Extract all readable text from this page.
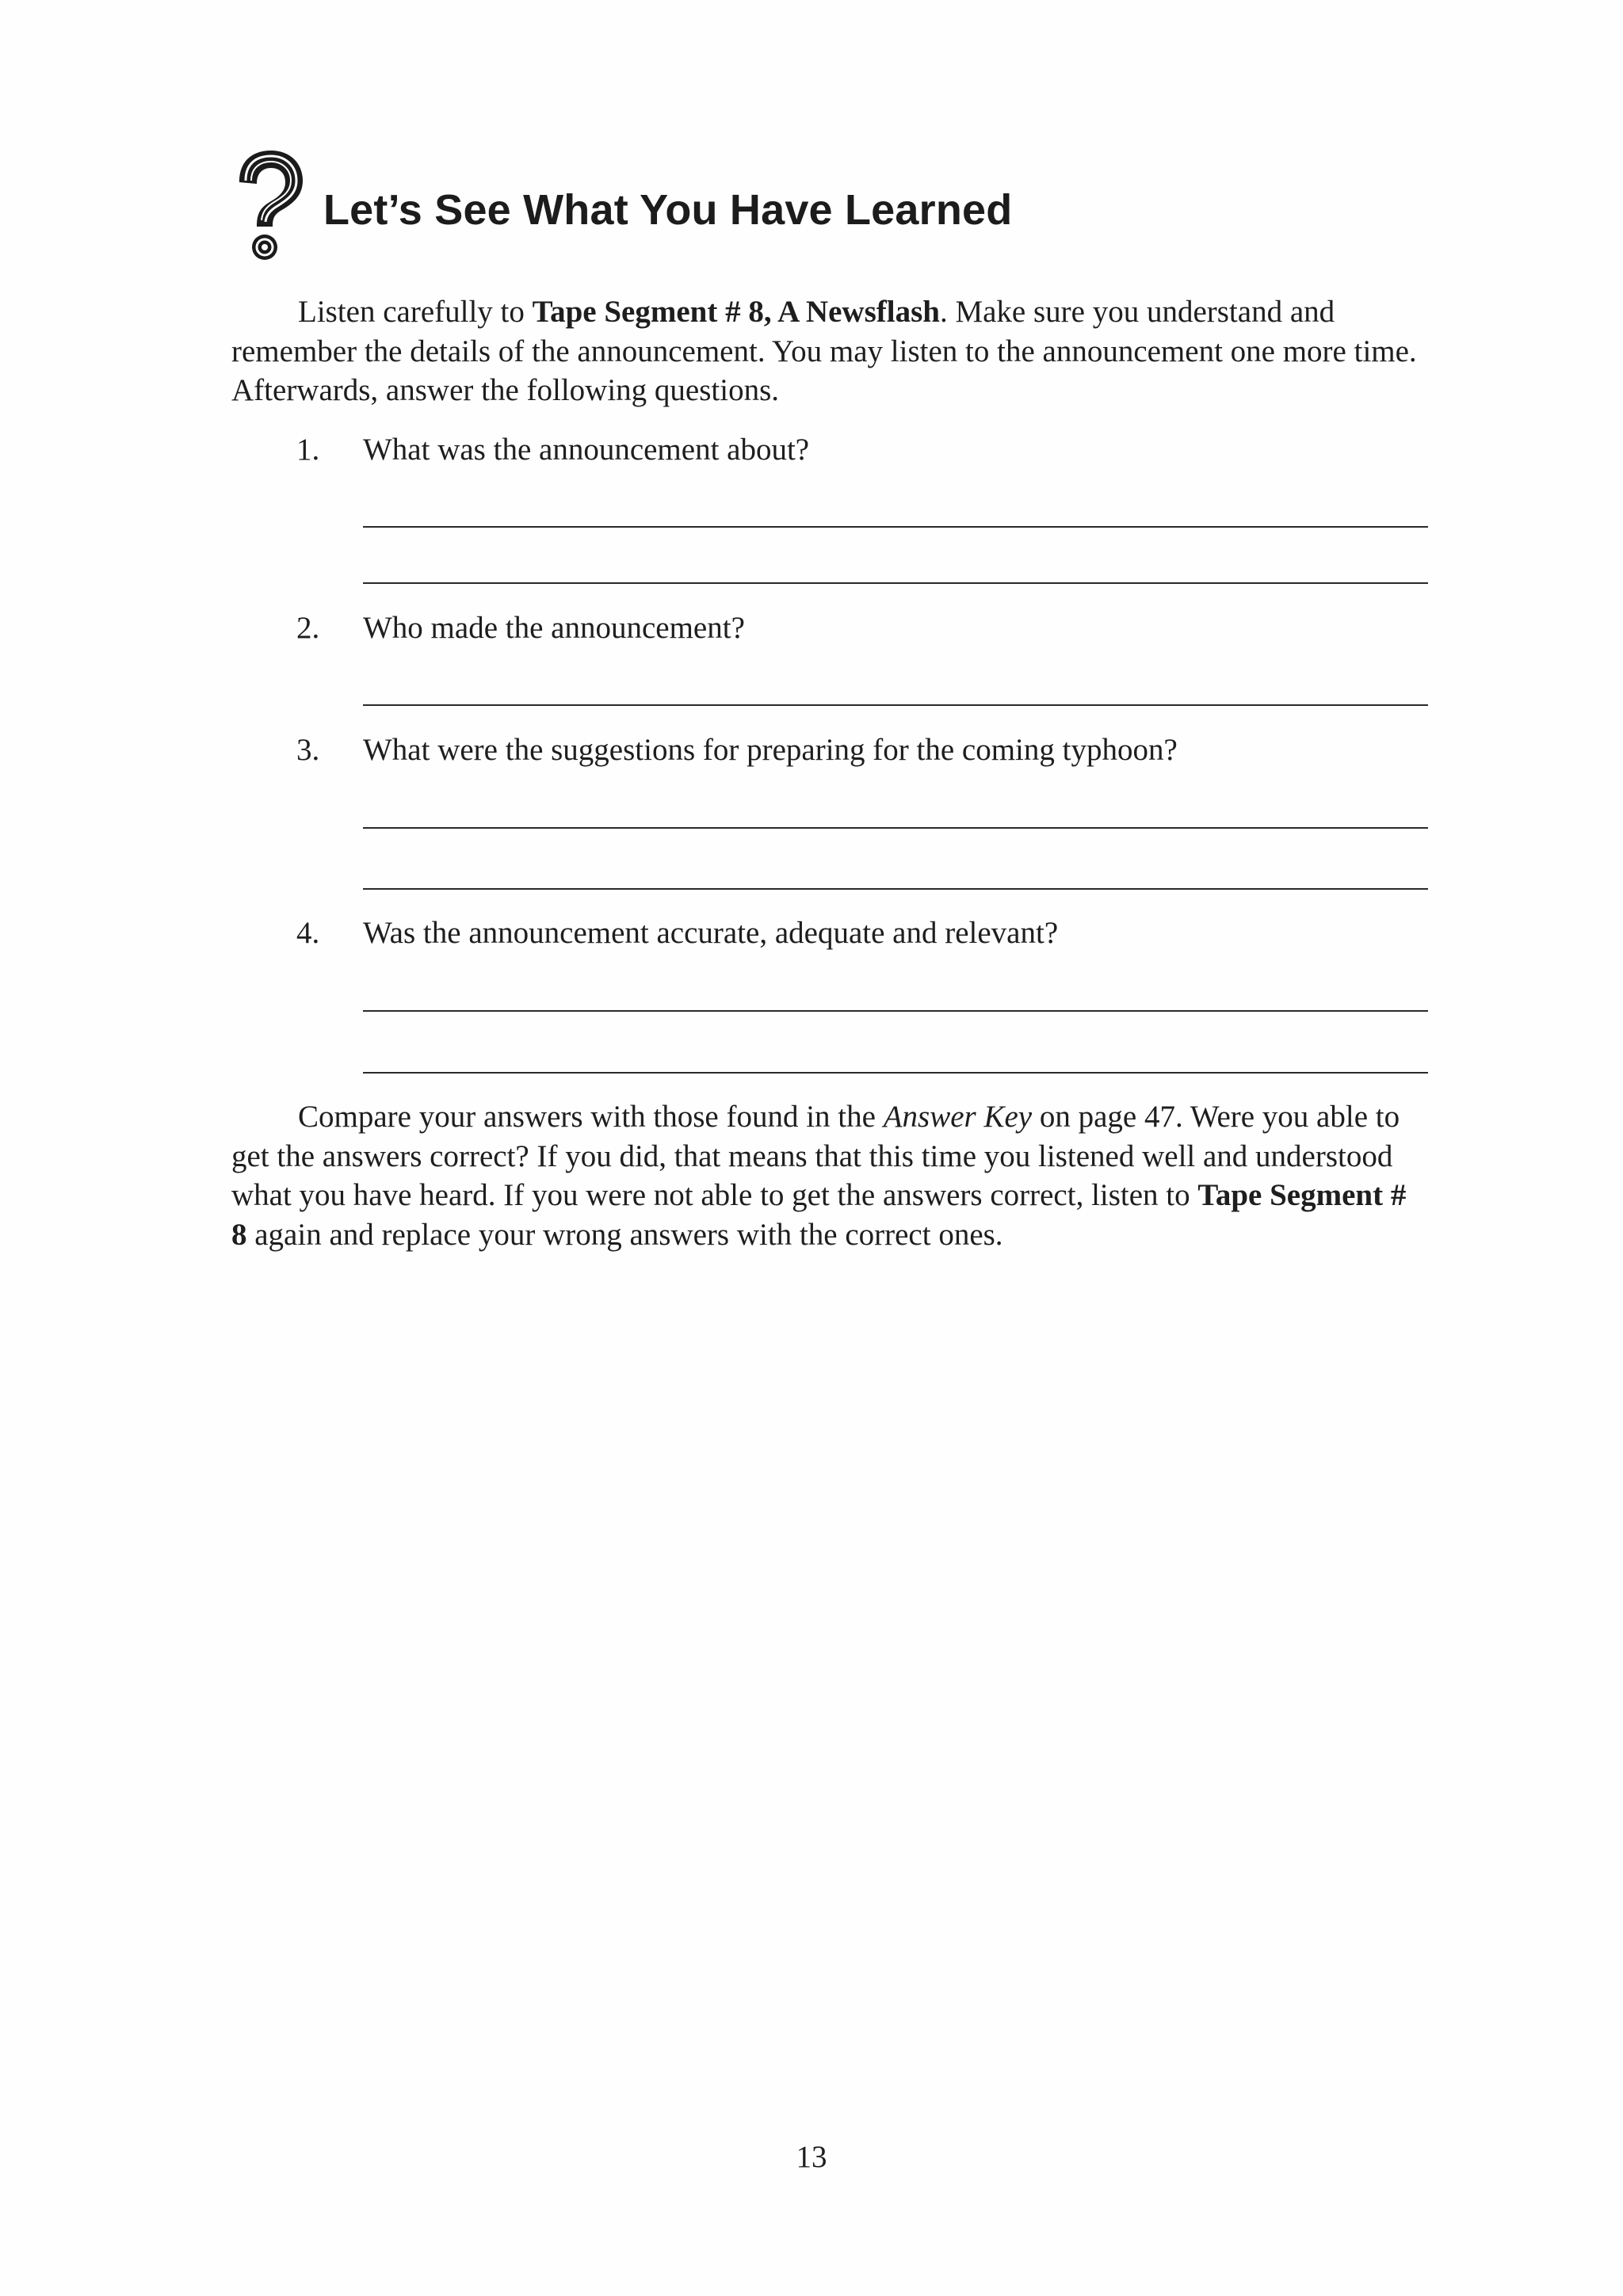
Let’s See What You Have Learned

Listen carefully to Tape Segment # 8, A Newsflash. Make sure you understand and remember the details of the announcement. You may listen to the announcement one more time. Afterwards, answer the following questions.

1. What was the announcement about?

2. Who made the announcement?

3. What were the suggestions for preparing for the coming typhoon?

4. Was the announcement accurate, adequate and relevant?

Compare your answers with those found in the Answer Key on page 47. Were you able to get the answers correct? If you did, that means that this time you listened well and understood what you have heard. If you were not able to get the answers correct, listen to Tape Segment # 8 again and replace your wrong answers with the correct ones.

13
